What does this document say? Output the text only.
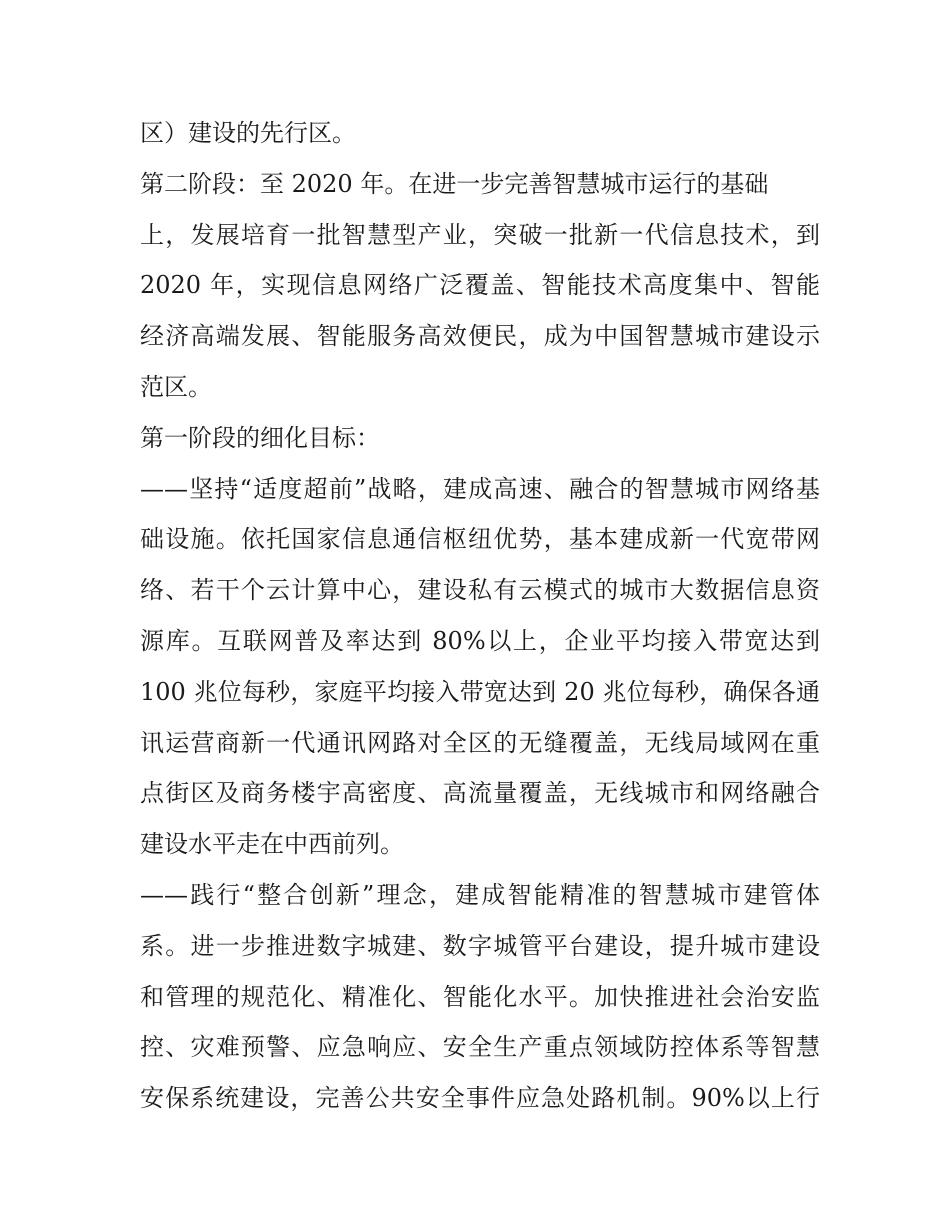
区）建设的先行区。
第二阶段：至 2020 年。在进一步完善智慧城市运行的基础
上，发展培育一批智慧型产业，突破一批新一代信息技术，到
2020 年，实现信息网络广泛覆盖、智能技术高度集中、智能
经济高端发展、智能服务高效便民，成为中国智慧城市建设示
范区。
第一阶段的细化目标：
——坚持“适度超前”战略，建成高速、融合的智慧城市网络基
础设施。依托国家信息通信枢纽优势，基本建成新一代宽带网
络、若干个云计算中心，建设私有云模式的城市大数据信息资
源库。互联网普及率达到 80%以上，企业平均接入带宽达到
100 兆位每秒，家庭平均接入带宽达到 20 兆位每秒，确保各通
讯运营商新一代通讯网路对全区的无缝覆盖，无线局域网在重
点街区及商务楼宇高密度、高流量覆盖，无线城市和网络融合
建设水平走在中西前列。
——践行“整合创新”理念，建成智能精准的智慧城市建管体
系。进一步推进数字城建、数字城管平台建设，提升城市建设
和管理的规范化、精准化、智能化水平。加快推进社会治安监
控、灾难预警、应急响应、安全生产重点领域防控体系等智慧
安保系统建设，完善公共安全事件应急处路机制。90%以上行
